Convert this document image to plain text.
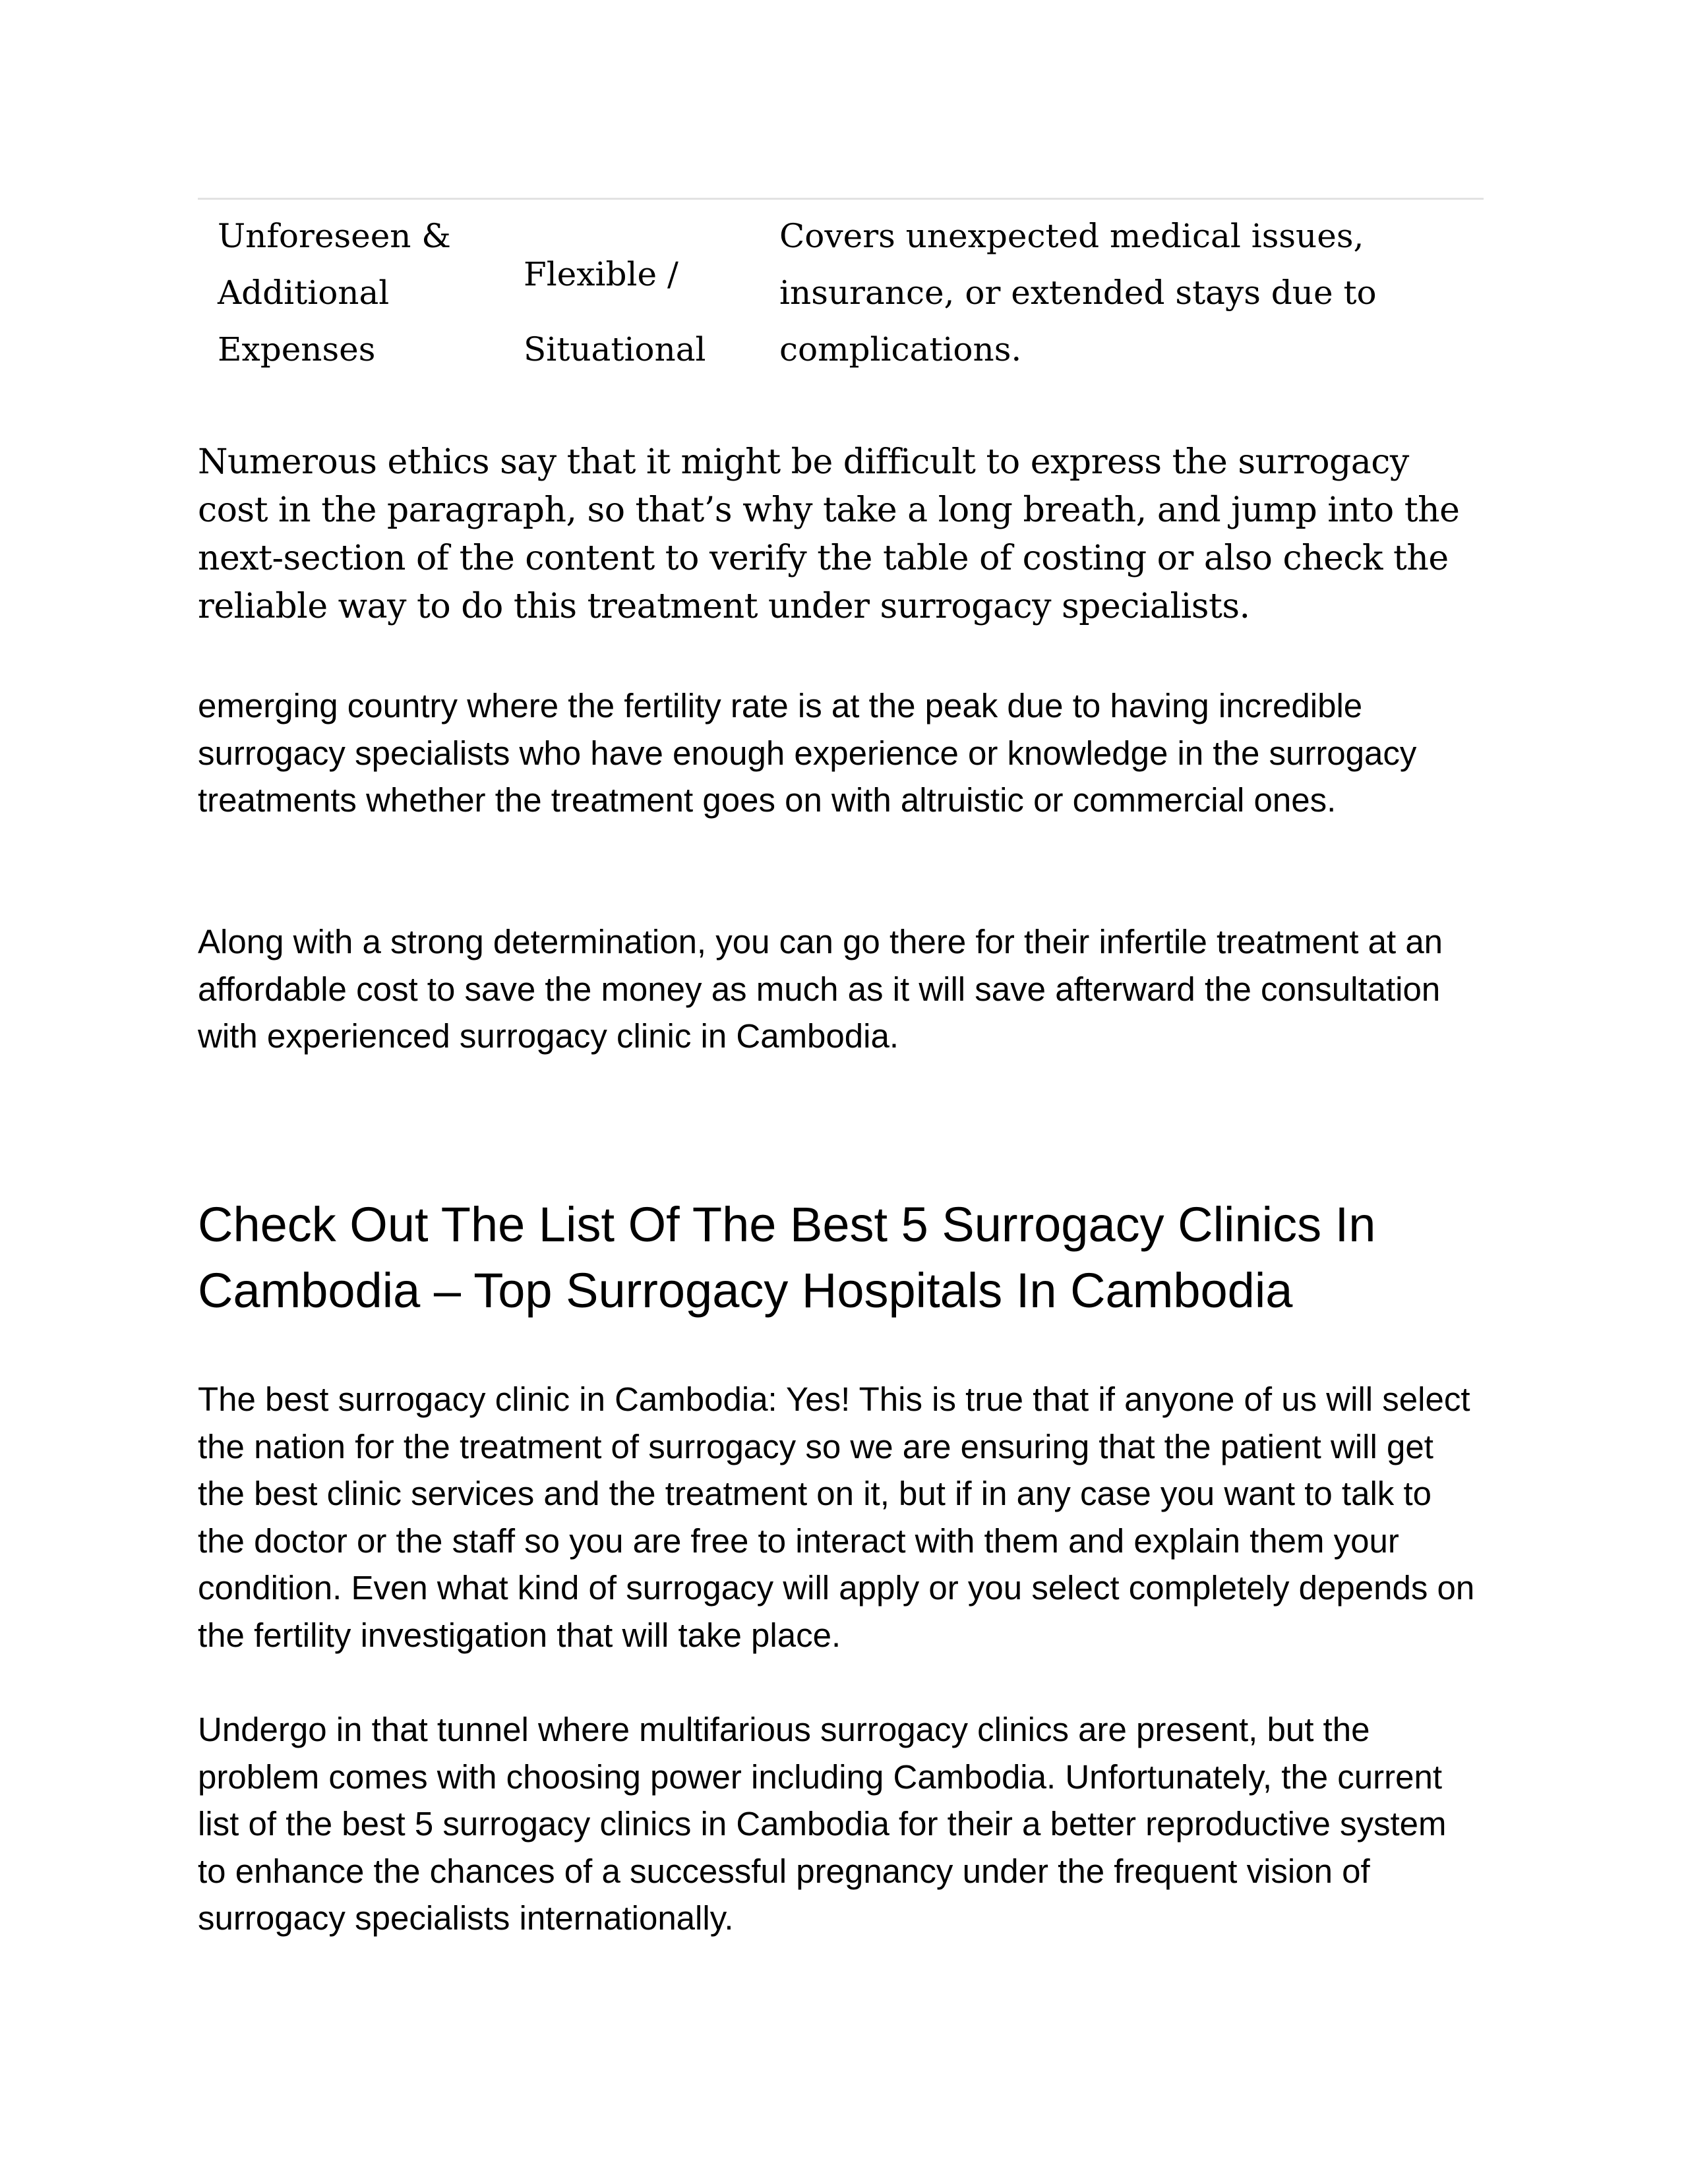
Unforeseen &
Additional
Expenses
Flexible /
Situational
Covers unexpected medical issues,
insurance, or extended stays due to
complications.

Numerous ethics say that it might be difficult to express the surrogacy cost in the paragraph, so that’s why take a long breath, and jump into the next-section of the content to verify the table of costing or also check the reliable way to do this treatment under surrogacy specialists.

emerging country where the fertility rate is at the peak due to having incredible surrogacy specialists who have enough experience or knowledge in the surrogacy treatments whether the treatment goes on with altruistic or commercial ones.

Along with a strong determination, you can go there for their infertile treatment at an affordable cost to save the money as much as it will save afterward the consultation with experienced surrogacy clinic in Cambodia.

Check Out The List Of The Best 5 Surrogacy Clinics In Cambodia – Top Surrogacy Hospitals In Cambodia

The best surrogacy clinic in Cambodia: Yes! This is true that if anyone of us will select the nation for the treatment of surrogacy so we are ensuring that the patient will get the best clinic services and the treatment on it, but if in any case you want to talk to the doctor or the staff so you are free to interact with them and explain them your condition. Even what kind of surrogacy will apply or you select completely depends on the fertility investigation that will take place.

Undergo in that tunnel where multifarious surrogacy clinics are present, but the problem comes with choosing power including Cambodia. Unfortunately, the current list of the best 5 surrogacy clinics in Cambodia for their a better reproductive system to enhance the chances of a successful pregnancy under the frequent vision of surrogacy specialists internationally.
